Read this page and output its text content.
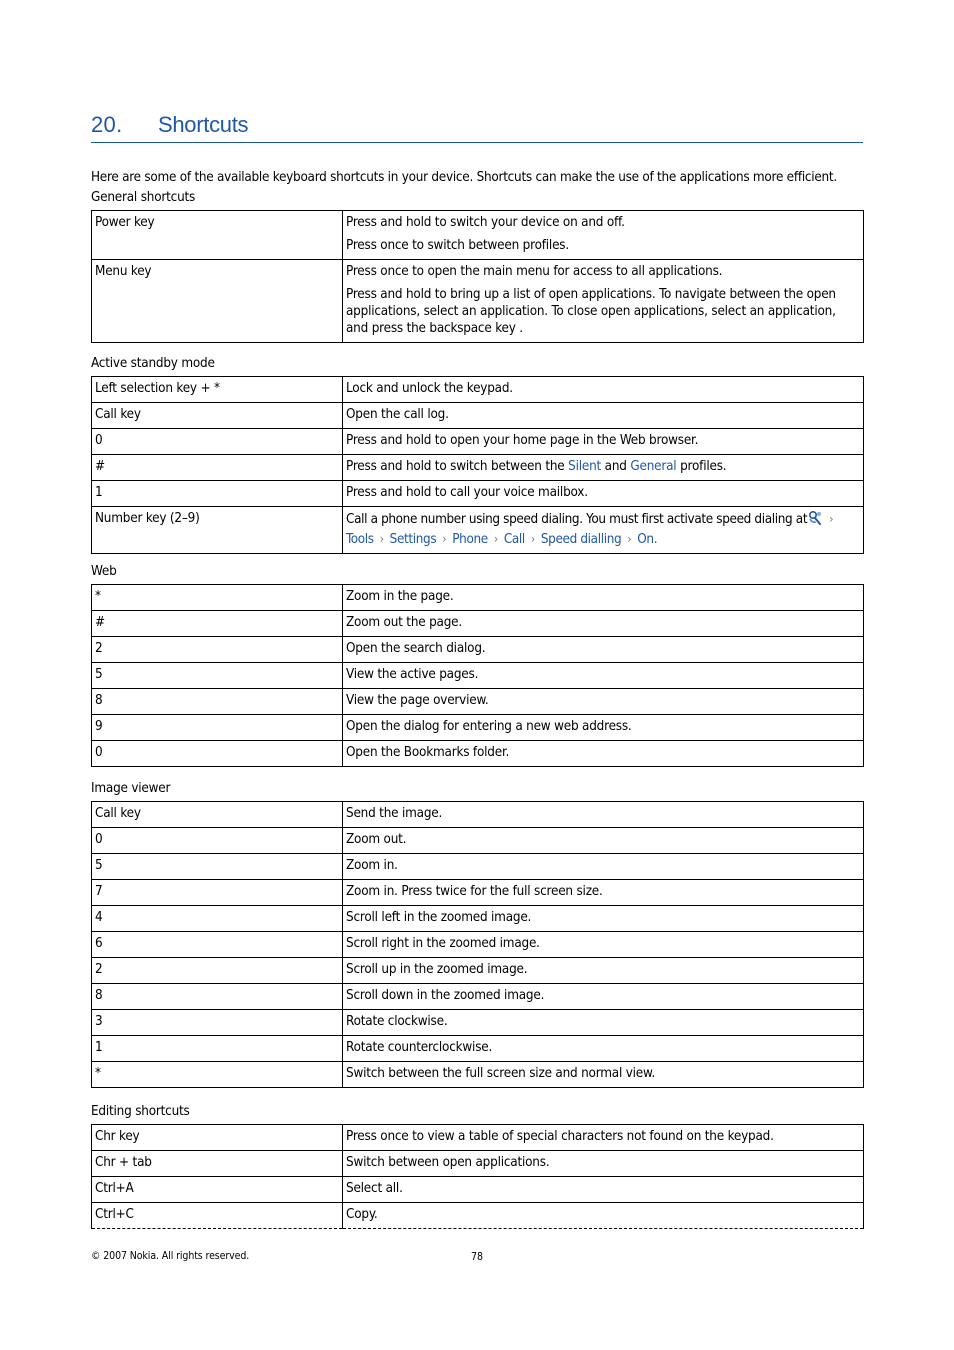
20. Shortcuts
Here are some of the available keyboard shortcuts in your device. Shortcuts can make the use of the applications more efficient.
General shortcuts
Power key	Press and hold to switch your device on and off.

Press once to switch between profiles.

Menu key	Press once to open the main menu for access to all applications.

Press and hold to bring up a list of open applications. To navigate between the open applications, select an application. To close open applications, select an application, and press the backspace key .

Active standby mode
Left selection key + *	Lock and unlock the keypad.
Call key	Open the call log.
0	Press and hold to open your home page in the Web browser.
#	Press and hold to switch between the Silent and General profiles.
1	Press and hold to call your voice mailbox.
Number key (2–9)	Call a phone number using speed dialing. You must first activate speed dialing at ›
Tools › Settings › Phone › Call › Speed dialling › On.
Web
*	Zoom in the page.
#	Zoom out the page.
2	Open the search dialog.
5	View the active pages.
8	View the page overview.
9	Open the dialog for entering a new web address.
0	Open the Bookmarks folder.
Image viewer
Call key	Send the image.
0	Zoom out.
5	Zoom in.
7	Zoom in. Press twice for the full screen size.
4	Scroll left in the zoomed image.
6	Scroll right in the zoomed image.
2	Scroll up in the zoomed image.
8	Scroll down in the zoomed image.
3	Rotate clockwise.
1	Rotate counterclockwise.
*	Switch between the full screen size and normal view.
Editing shortcuts
Chr key	Press once to view a table of special characters not found on the keypad.
Chr + tab	Switch between open applications.
Ctrl+A	Select all.
Ctrl+C	Copy.
© 2007 Nokia. All rights reserved.	78
